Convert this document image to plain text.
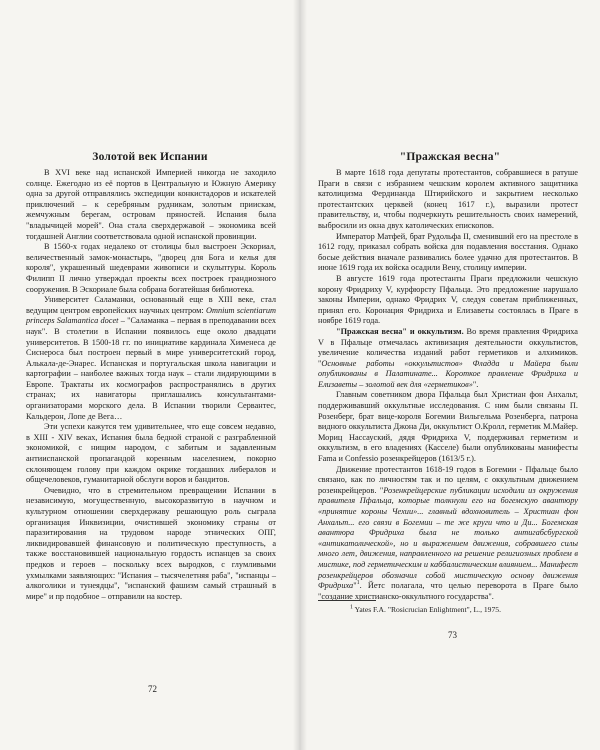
Золотой век Испании

В XVI веке над испанской Империей никогда не заходило солнце. Ежегодно из её портов в Центральную и Южную Америку одна за другой отправлялись экспедиции конкистадоров и искателей приключений – к серебряным рудникам, золотым приискам, жемчужным берегам, островам пряностей. Испания была "владычицей морей". Она стала сверхдержавой – экономика всей тогдашней Англии соответствовала одной испанской провинции.

В 1560-х годах недалеко от столицы был выстроен Эскориал, величественный замок-монастырь, "дворец для Бога и келья для короля", украшенный шедеврами живописи и скульптуры. Король Филипп II лично утверждал проекты всех построек грандиозного сооружения. В Эскориале была собрана богатейшая библиотека.

Университет Саламанки, основанный еще в XIII веке, стал ведущим центром европейских научных центром: Omnium scientiarum princeps Salamantica docet – "Саламанка – первая в преподавании всех наук". В столетии в Испании появилось еще около двадцати университетов. В 1500-18 гг. по инициативе кардинала Хименеса де Сиснероса был построен первый в мире университетский город, Алькала-де-Энарес. Испанская и португальская школа навигации и картографии – наиболее важных тогда наук – стали лидирующими в Европе. Трактаты их космографов распространялись в других странах; их навигаторы приглашались консультантами-организаторами морского дела. В Испании творили Сервантес, Кальдерон, Лопе де Вега…

Эти успехи кажутся тем удивительнее, что еще совсем недавно, в XIII - XIV веках, Испания была бедной страной с разграбленной экономикой, с нищим народом, с забитым и задавленным антииспанской пропагандой коренным населением, покорно склоняющем голову при каждом окрике тогдашних либералов и общечеловеков, гуманитарной обслуги воров и бандитов.

Очевидно, что в стремительном превращении Испании в независимую, могущественную, высокоразвитую в научном и культурном отношении сверхдержаву решающую роль сыграла организация Инквизиции, очистившей экономику страны от паразитирования на трудовом народе этнических ОПГ, ликвидировавшей финансовую и политическую преступность, а также восстановившей национальную гордость испанцев за своих предков и героев – поскольку всех выродков, с глумливыми ухмылками заявляющих: "Испания – тысячелетняя раба", "испанцы – алкоголики и тунеядцы", "испанский фашизм самый страшный в мире" и пр подобное – отправили на костер.

72
"Пражская весна"

В марте 1618 года депутаты протестантов, собравшиеся в ратуше Праги в связи с избранием чешским королем активного защитника католицизма Фердинанда Штирийского и закрытием несколько протестантских церквей (конец 1617 г.), выразили протест правительству, и, чтобы подчеркнуть решительность своих намерений, выбросили из окна двух католических епископов.

Император Матфей, брат Рудольфа II, сменивший его на престоле в 1612 году, приказал собрать войска для подавления восстания. Однако босые действия вначале развивались более удачно для протестантов. В июне 1619 года их войска осадили Вену, столицу империи.

В августе 1619 года протестанты Праги предложили чешскую корону Фридриху V, курфюрсту Пфальца. Это предложение нарушало законы Империи, однако Фридрих V, следуя советам приближенных, принял его. Коронация Фридриха и Елизаветы состоялась в Праге в ноябре 1619 года.

"Пражская весна" и оккультизм. Во время правления Фридриха V в Пфальце отмечалась активизация деятельности оккультистов, увеличение количества изданий работ герметиков и алхимиков. "Основные работы «оккультистов» Фладда и Майера были опубликованы в Палатинате... Короткое правление Фридриха и Елизаветы – золотой век для «герметиков»".

Главным советником двора Пфальца был Христиан фон Анхальт, поддерживавший оккультные исследования. С ним были связаны П. Розенберг, брат вице-короля Богемии Вильгельма Розенберга, патрона видного оккультиста Джона Ди, оккультист О.Кролл, герметик М.Майер. Мориц Нассауский, дядя Фридриха V, поддерживал герметизм и оккультизм, в его владениях (Касселе) были опубликованы манифесты Fama и Confessio розенкрейцеров (1613/5 г.).

Движение протестантов 1618-19 годов в Богемии - Пфальце было связано, как по личностям так и по целям, с оккультным движением розенкрейцеров. "Розенкрейцерские публикации исходили из окружения правителя Пфальца, которые толкнули его на богемскую авантюру «принятие короны Чехии»... главный вдохновитель – Христиан фон Анхальт... его связи в Богемии – те же круги что и Ди... Богемская авантюра Фридриха была не только антигабсбургской «антикатолической», но и выражением движения, собравшего силы много лет, движения, направленного на решение религиозных проблем в мистике, под герметическим и каббалистическим влиянием... Манифест розенкрейцеров обозначил собой мистическую основу движения Фридриха"$^1$. Йетс полагала, что целью переворота в Праге было "создание христианско-оккультного государства".

$^1$ Yates F.A. "Rosicrucian Enlightment", L., 1975.
73
